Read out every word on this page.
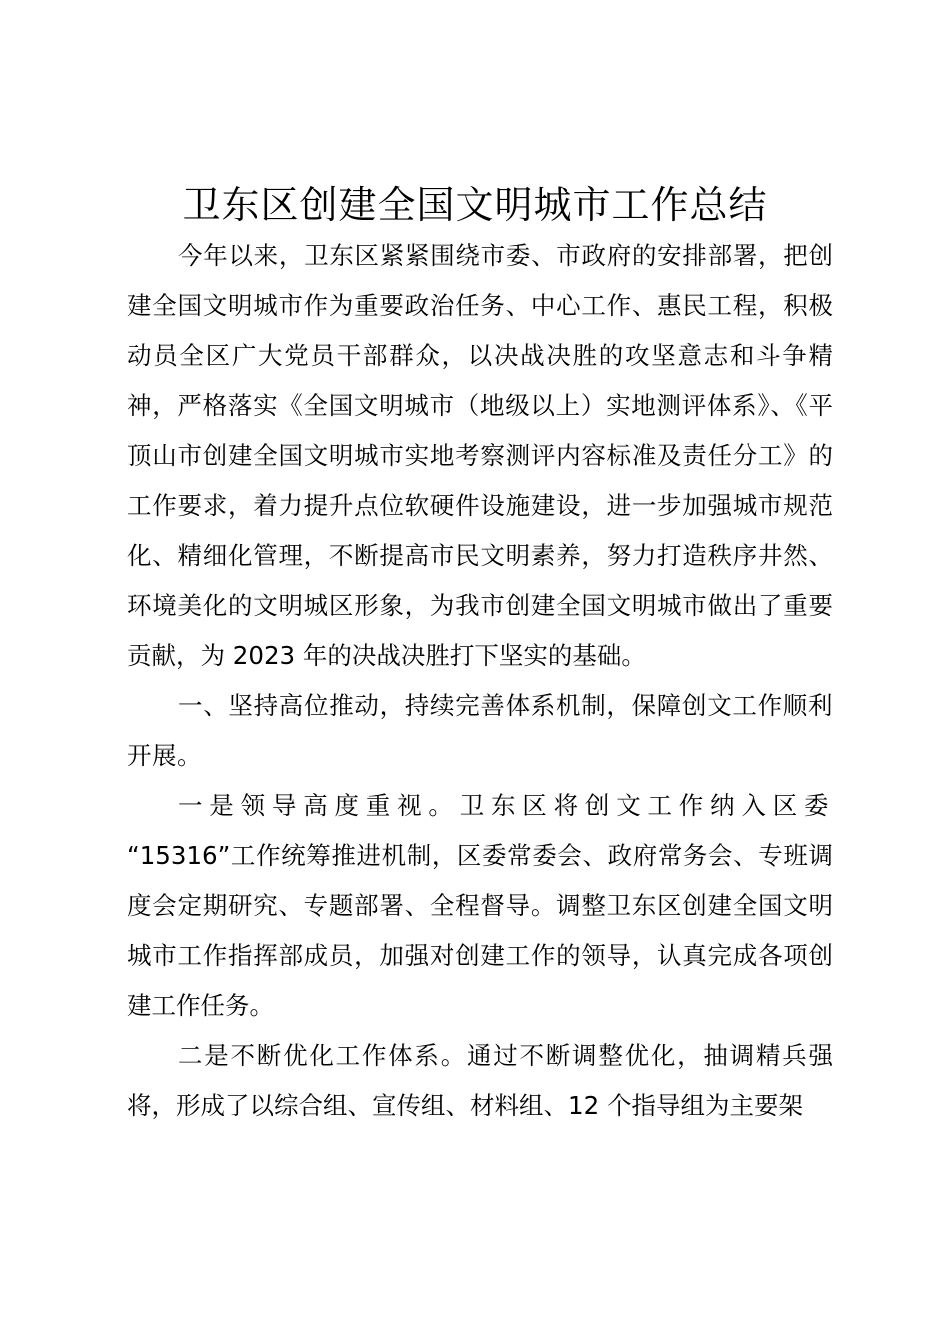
卫东区创建全国文明城市工作总结

今年以来，卫东区紧紧围绕市委、市政府的安排部署，把创建全国文明城市作为重要政治任务、中心工作、惠民工程，积极动员全区广大党员干部群众，以决战决胜的攻坚意志和斗争精神，严格落实《全国文明城市（地级以上）实地测评体系》、《平顶山市创建全国文明城市实地考察测评内容标准及责任分工》的工作要求，着力提升点位软硬件设施建设，进一步加强城市规范化、精细化管理，不断提高市民文明素养，努力打造秩序井然、环境美化的文明城区形象，为我市创建全国文明城市做出了重要贡献，为 2023 年的决战决胜打下坚实的基础。

一、坚持高位推动，持续完善体系机制，保障创文工作顺利开展。

一是领导高度重视。卫东区将创文工作纳入区委

“15316”工作统筹推进机制，区委常委会、政府常务会、专班调度会定期研究、专题部署、全程督导。调整卫东区创建全国文明城市工作指挥部成员，加强对创建工作的领导，认真完成各项创建工作任务。

二是不断优化工作体系。通过不断调整优化，抽调精兵强将，形成了以综合组、宣传组、材料组、12 个指导组为主要架
